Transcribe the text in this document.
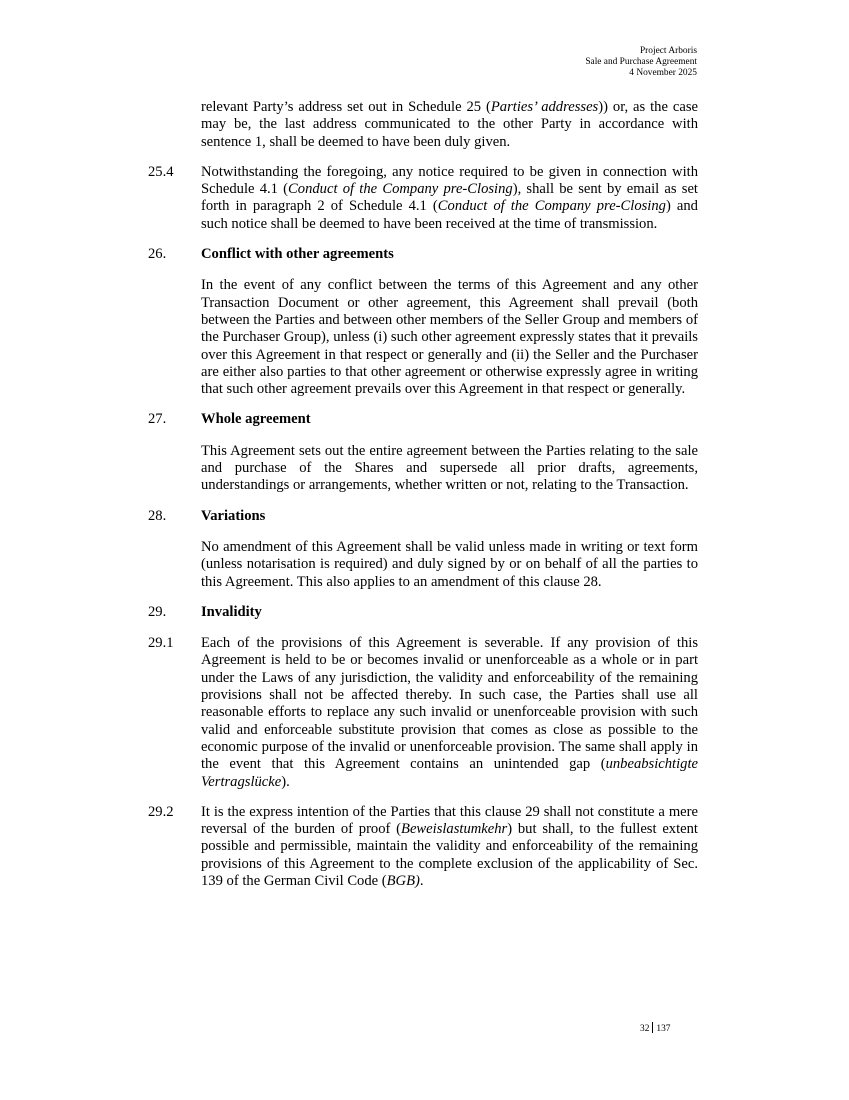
Project Arboris
Sale and Purchase Agreement
4 November 2025

relevant Party’s address set out in Schedule 25 (Parties’ addresses)) or, as the case may be, the last address communicated to the other Party in accordance with sentence 1, shall be deemed to have been duly given.

25.4 Notwithstanding the foregoing, any notice required to be given in connection with Schedule 4.1 (Conduct of the Company pre-Closing), shall be sent by email as set forth in paragraph 2 of Schedule 4.1 (Conduct of the Company pre-Closing) and such notice shall be deemed to have been received at the time of transmission.
26. Conflict with other agreements

In the event of any conflict between the terms of this Agreement and any other Transaction Document or other agreement, this Agreement shall prevail (both between the Parties and between other members of the Seller Group and members of the Purchaser Group), unless (i) such other agreement expressly states that it prevails over this Agreement in that respect or generally and (ii) the Seller and the Purchaser are either also parties to that other agreement or otherwise expressly agree in writing that such other agreement prevails over this Agreement in that respect or generally.

27. Whole agreement

This Agreement sets out the entire agreement between the Parties relating to the sale and purchase of the Shares and supersede all prior drafts, agreements, understandings or arrangements, whether written or not, relating to the Transaction.

28. Variations

No amendment of this Agreement shall be valid unless made in writing or text form (unless notarisation is required) and duly signed by or on behalf of all the parties to this Agreement. This also applies to an amendment of this clause 28.

29. Invalidity
29.1 Each of the provisions of this Agreement is severable. If any provision of this Agreement is held to be or becomes invalid or unenforceable as a whole or in part under the Laws of any jurisdiction, the validity and enforceability of the remaining provisions shall not be affected thereby. In such case, the Parties shall use all reasonable efforts to replace any such invalid or unenforceable provision with such valid and enforceable substitute provision that comes as close as possible to the economic purpose of the invalid or unenforceable provision. The same shall apply in the event that this Agreement contains an unintended gap (unbeabsichtigte Vertragslücke).
29.2 It is the express intention of the Parties that this clause 29 shall not constitute a mere reversal of the burden of proof (Beweislastumkehr) but shall, to the fullest extent possible and permissible, maintain the validity and enforceability of the remaining provisions of this Agreement to the complete exclusion of the applicability of Sec. 139 of the German Civil Code (BGB).
32 137
